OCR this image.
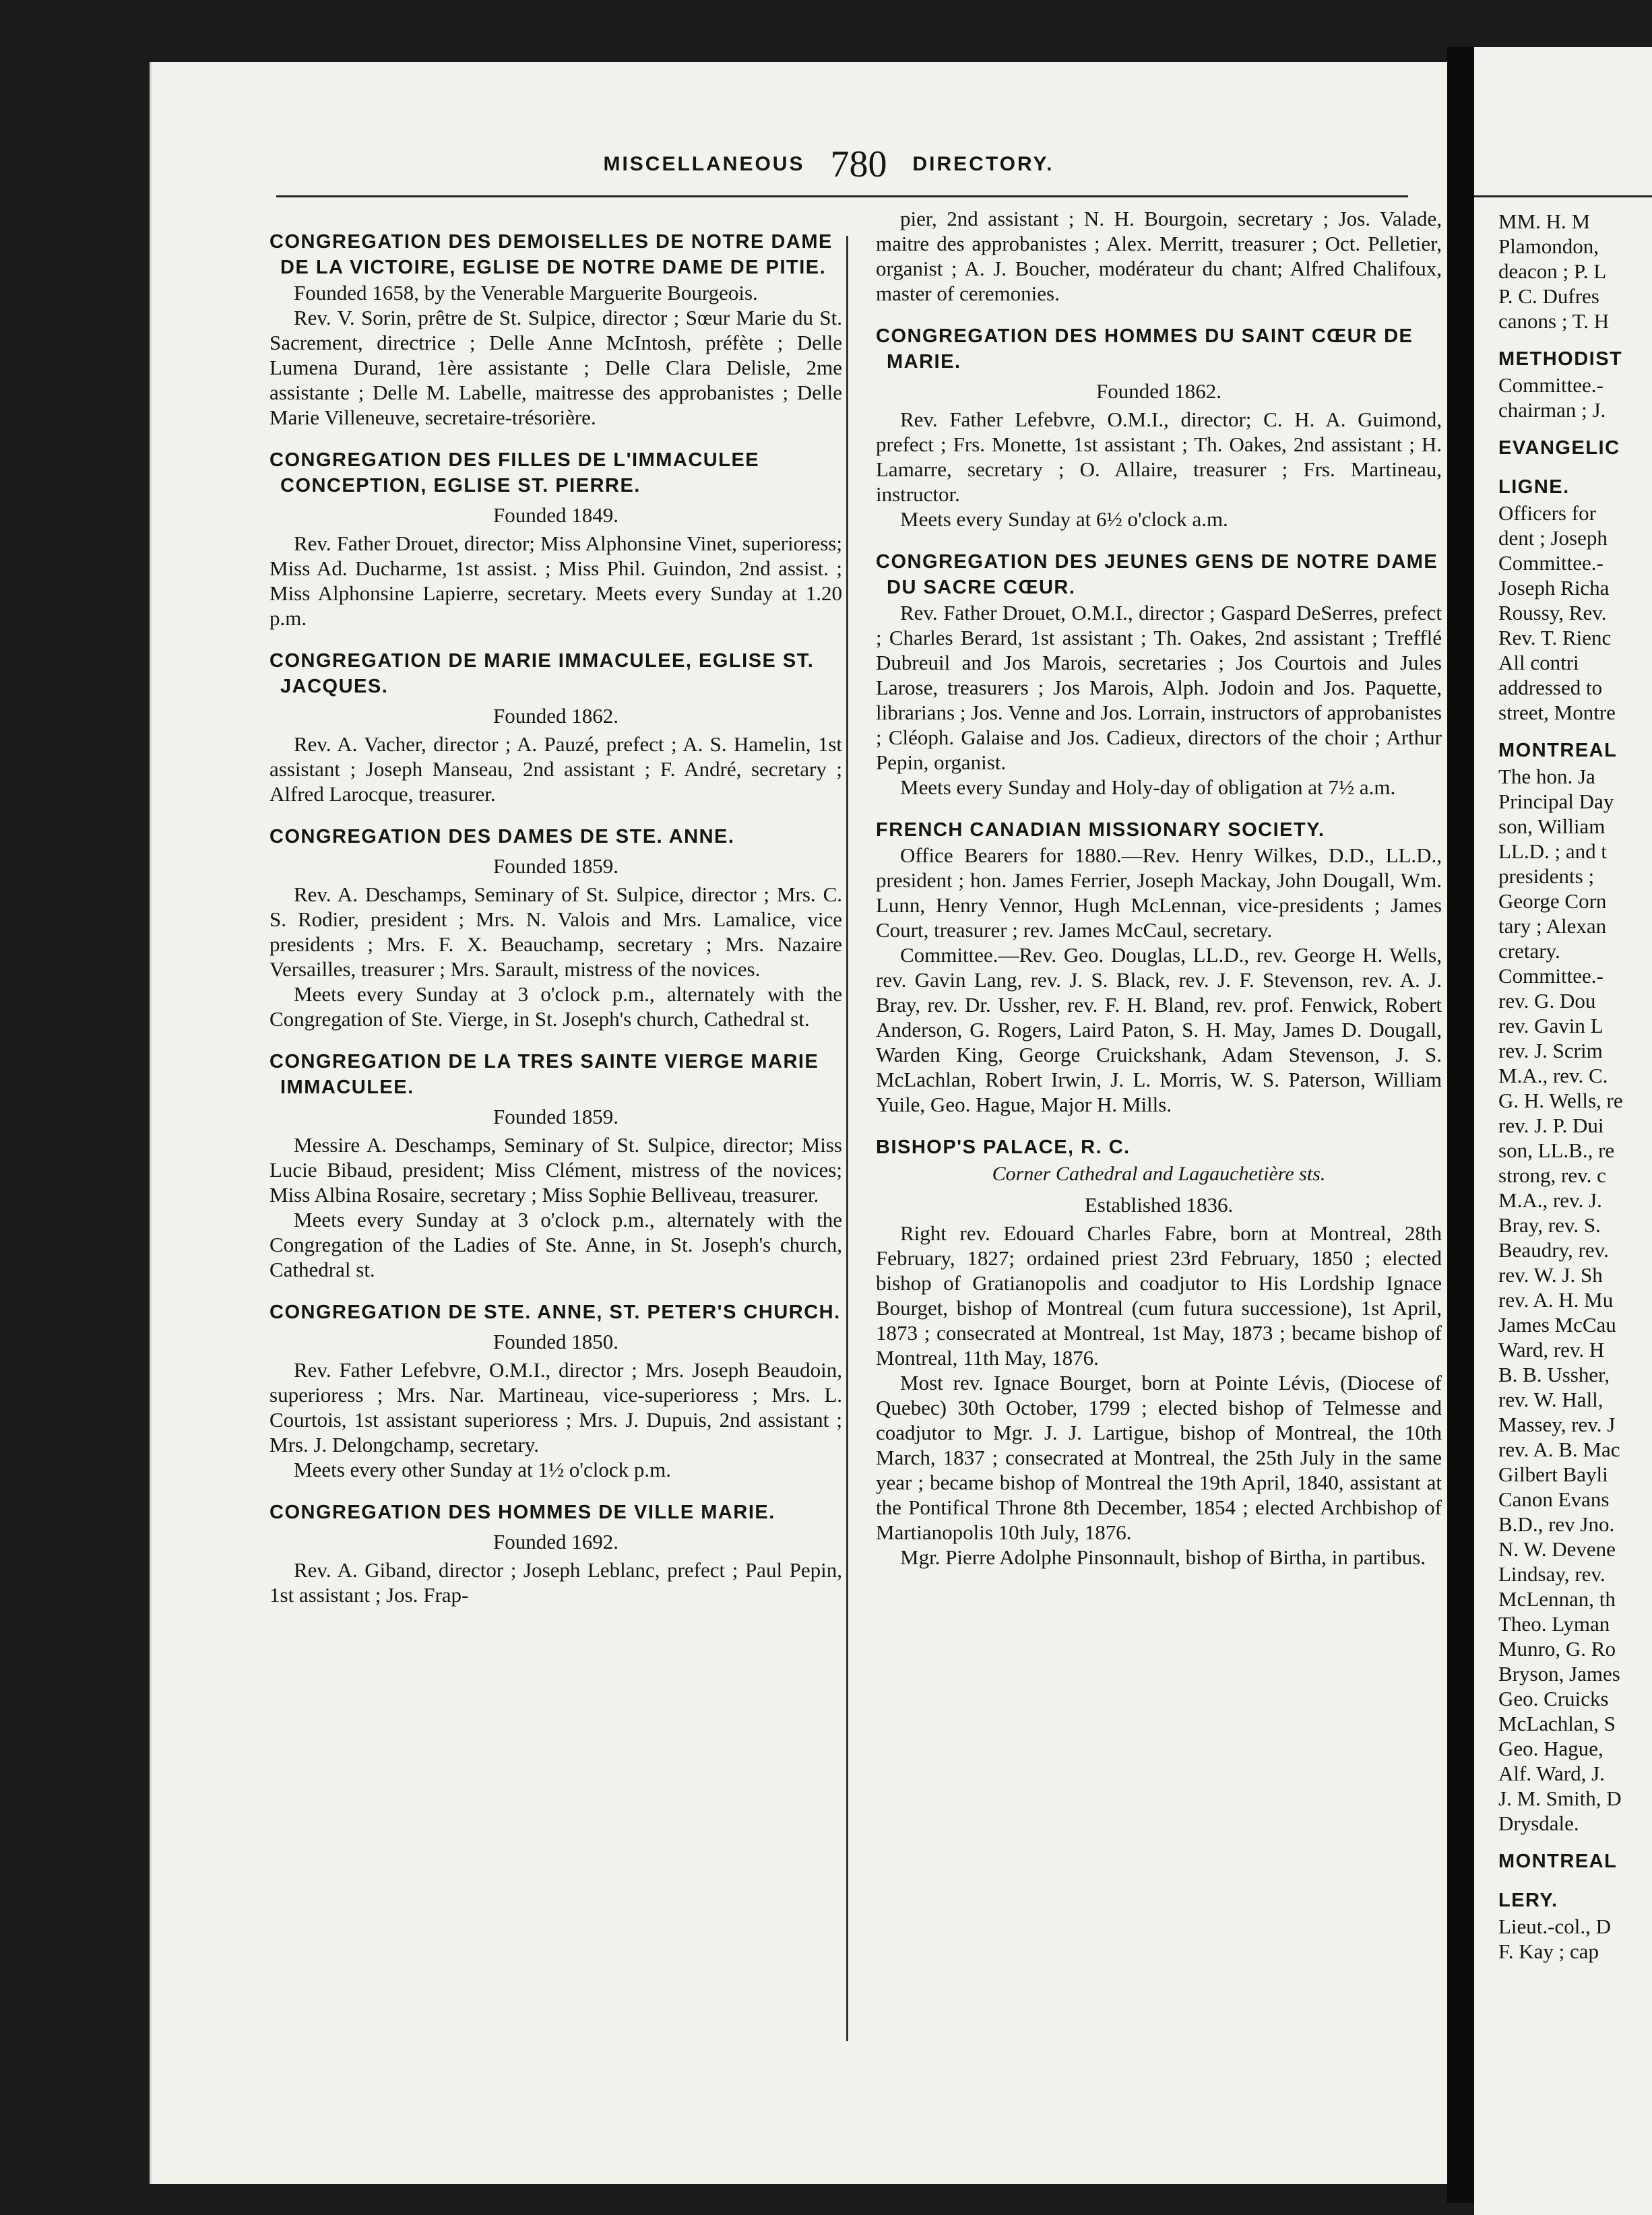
MM. H. M
Plamondon,
deacon ; P. L
P. C. Dufres
canons ; T. H
METHODIST
Committee.-
chairman ; J.
EVANGELIC
LIGNE.
Officers for
dent ; Joseph
Committee.-
Joseph Richa
Roussy, Rev.
Rev. T. Rienc
All contri
addressed to
street, Montre
MONTREAL
The hon. Ja
Principal Day
son, William
LL.D. ; and t
presidents ;
George Corn
tary ; Alexan
cretary.
Committee.-
rev. G. Dou
rev. Gavin L
rev. J. Scrim
M.A., rev. C.
G. H. Wells, re
rev. J. P. Dui
son, LL.B., re
strong, rev. c
M.A., rev. J.
Bray, rev. S.
Beaudry, rev.
rev. W. J. Sh
rev. A. H. Mu
James McCau
Ward, rev. H
B. B. Ussher,
rev. W. Hall,
Massey, rev. J
rev. A. B. Mac
Gilbert Bayli
Canon Evans
B.D., rev Jno.
N. W. Devene
Lindsay, rev.
McLennan, th
Theo. Lyman
Munro, G. Ro
Bryson, James
Geo. Cruicks
McLachlan, S
Geo. Hague,
Alf. Ward, J.
J. M. Smith, D
Drysdale.
MONTREAL
LERY.
Lieut.-col., D
F. Kay ; cap
MISCELLANEOUS 780 DIRECTORY.
CONGREGATION DES DEMOISELLES DE NOTRE DAME DE LA VICTOIRE, EGLISE DE NOTRE DAME DE PITIE.
Founded 1658, by the Venerable Marguerite Bourgeois.
Rev. V. Sorin, prêtre de St. Sulpice, director ; Sœur Marie du St. Sacrement, directrice ; Delle Anne McIntosh, préfète ; Delle Lumena Durand, 1ère assistante ; Delle Clara Delisle, 2me assistante ; Delle M. Labelle, maitresse des approbanistes ; Delle Marie Villeneuve, secretaire-trésorière.
CONGREGATION DES FILLES DE L'IMMACULEE CONCEPTION, EGLISE ST. PIERRE.
Founded 1849.
Rev. Father Drouet, director; Miss Alphonsine Vinet, superioress; Miss Ad. Ducharme, 1st assist. ; Miss Phil. Guindon, 2nd assist. ; Miss Alphonsine Lapierre, secretary. Meets every Sunday at 1.20 p.m.
CONGREGATION DE MARIE IMMACULEE, EGLISE ST. JACQUES.
Founded 1862.
Rev. A. Vacher, director ; A. Pauzé, prefect ; A. S. Hamelin, 1st assistant ; Joseph Manseau, 2nd assistant ; F. André, secretary ; Alfred Larocque, treasurer.
CONGREGATION DES DAMES DE STE. ANNE.
Founded 1859.
Rev. A. Deschamps, Seminary of St. Sulpice, director ; Mrs. C. S. Rodier, president ; Mrs. N. Valois and Mrs. Lamalice, vice presidents ; Mrs. F. X. Beauchamp, secretary ; Mrs. Nazaire Versailles, treasurer ; Mrs. Sarault, mistress of the novices.
Meets every Sunday at 3 o'clock p.m., alternately with the Congregation of Ste. Vierge, in St. Joseph's church, Cathedral st.
CONGREGATION DE LA TRES SAINTE VIERGE MARIE IMMACULEE.
Founded 1859.
Messire A. Deschamps, Seminary of St. Sulpice, director; Miss Lucie Bibaud, president; Miss Clément, mistress of the novices; Miss Albina Rosaire, secretary ; Miss Sophie Belliveau, treasurer.
Meets every Sunday at 3 o'clock p.m., alternately with the Congregation of the Ladies of Ste. Anne, in St. Joseph's church, Cathedral st.
CONGREGATION DE STE. ANNE, ST. PETER'S CHURCH.
Founded 1850.
Rev. Father Lefebvre, O.M.I., director ; Mrs. Joseph Beaudoin, superioress ; Mrs. Nar. Martineau, vice-superioress ; Mrs. L. Courtois, 1st assistant superioress ; Mrs. J. Dupuis, 2nd assistant ; Mrs. J. Delongchamp, secretary.
Meets every other Sunday at 1½ o'clock p.m.
CONGREGATION DES HOMMES DE VILLE MARIE.
Founded 1692.
Rev. A. Giband, director ; Joseph Leblanc, prefect ; Paul Pepin, 1st assistant ; Jos. Frap-
pier, 2nd assistant ; N. H. Bourgoin, secretary ; Jos. Valade, maitre des approbanistes ; Alex. Merritt, treasurer ; Oct. Pelletier, organist ; A. J. Boucher, modérateur du chant; Alfred Chalifoux, master of ceremonies.
CONGREGATION DES HOMMES DU SAINT CŒUR DE MARIE.
Founded 1862.
Rev. Father Lefebvre, O.M.I., director; C. H. A. Guimond, prefect ; Frs. Monette, 1st assistant ; Th. Oakes, 2nd assistant ; H. Lamarre, secretary ; O. Allaire, treasurer ; Frs. Martineau, instructor.
Meets every Sunday at 6½ o'clock a.m.
CONGREGATION DES JEUNES GENS DE NOTRE DAME DU SACRE CŒUR.
Rev. Father Drouet, O.M.I., director ; Gaspard DeSerres, prefect ; Charles Berard, 1st assistant ; Th. Oakes, 2nd assistant ; Trefflé Dubreuil and Jos Marois, secretaries ; Jos Courtois and Jules Larose, treasurers ; Jos Marois, Alph. Jodoin and Jos. Paquette, librarians ; Jos. Venne and Jos. Lorrain, instructors of approbanistes ; Cléoph. Galaise and Jos. Cadieux, directors of the choir ; Arthur Pepin, organist.
Meets every Sunday and Holy-day of obligation at 7½ a.m.
FRENCH CANADIAN MISSIONARY SOCIETY.
Office Bearers for 1880.—Rev. Henry Wilkes, D.D., LL.D., president ; hon. James Ferrier, Joseph Mackay, John Dougall, Wm. Lunn, Henry Vennor, Hugh McLennan, vice-presidents ; James Court, treasurer ; rev. James McCaul, secretary.
Committee.—Rev. Geo. Douglas, LL.D., rev. George H. Wells, rev. Gavin Lang, rev. J. S. Black, rev. J. F. Stevenson, rev. A. J. Bray, rev. Dr. Ussher, rev. F. H. Bland, rev. prof. Fenwick, Robert Anderson, G. Rogers, Laird Paton, S. H. May, James D. Dougall, Warden King, George Cruickshank, Adam Stevenson, J. S. McLachlan, Robert Irwin, J. L. Morris, W. S. Paterson, William Yuile, Geo. Hague, Major H. Mills.
BISHOP'S PALACE, R. C.
Corner Cathedral and Lagauchetière sts.
Established 1836.
Right rev. Edouard Charles Fabre, born at Montreal, 28th February, 1827; ordained priest 23rd February, 1850 ; elected bishop of Gratianopolis and coadjutor to His Lordship Ignace Bourget, bishop of Montreal (cum futura successione), 1st April, 1873 ; consecrated at Montreal, 1st May, 1873 ; became bishop of Montreal, 11th May, 1876.
Most rev. Ignace Bourget, born at Pointe Lévis, (Diocese of Quebec) 30th October, 1799 ; elected bishop of Telmesse and coadjutor to Mgr. J. J. Lartigue, bishop of Montreal, the 10th March, 1837 ; consecrated at Montreal, the 25th July in the same year ; became bishop of Montreal the 19th April, 1840, assistant at the Pontifical Throne 8th December, 1854 ; elected Archbishop of Martianopolis 10th July, 1876.
Mgr. Pierre Adolphe Pinsonnault, bishop of Birtha, in partibus.
